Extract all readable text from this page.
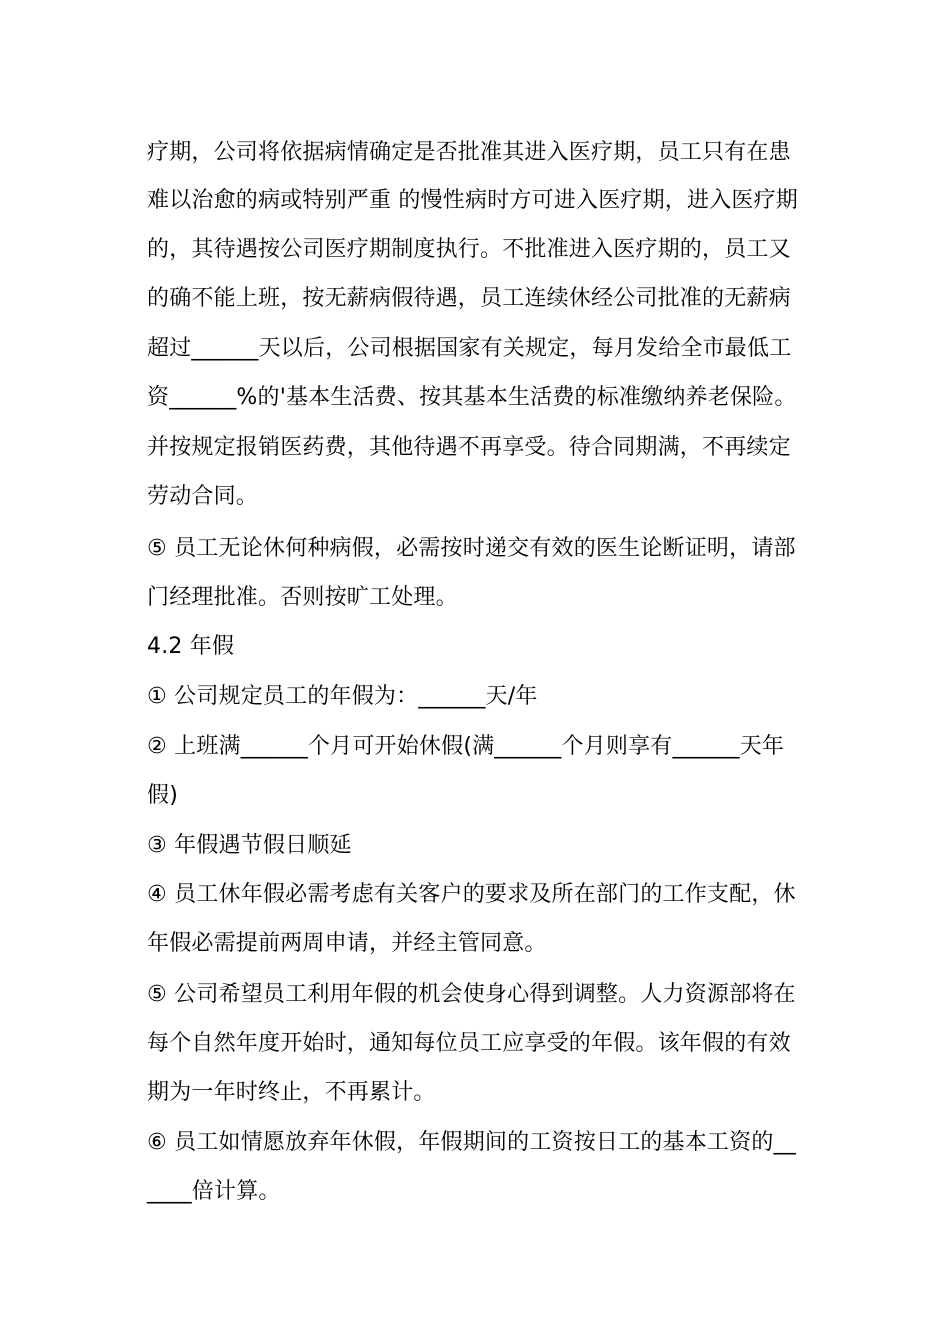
疗期，公司将依据病情确定是否批准其进入医疗期，员工只有在患
难以治愈的病或特别严重 的慢性病时方可进入医疗期，进入医疗期
的，其待遇按公司医疗期制度执行。不批准进入医疗期的，员工又
的确不能上班，按无薪病假待遇，员工连续休经公司批准的无薪病
超过______天以后，公司根据国家有关规定，每月发给全市最低工
资______%的'基本生活费、按其基本生活费的标准缴纳养老保险。
并按规定报销医药费，其他待遇不再享受。待合同期满，不再续定
劳动合同。
⑤ 员工无论休何种病假，必需按时递交有效的医生论断证明，请部
门经理批准。否则按旷工处理。
4.2 年假
① 公司规定员工的年假为：______天/年
② 上班满______个月可开始休假(满______个月则享有______天年
假)
③ 年假遇节假日顺延
④ 员工休年假必需考虑有关客户的要求及所在部门的工作支配，休
年假必需提前两周申请，并经主管同意。
⑤ 公司希望员工利用年假的机会使身心得到调整。人力资源部将在
每个自然年度开始时，通知每位员工应享受的年假。该年假的有效
期为一年时终止，不再累计。
⑥ 员工如情愿放弃年休假，年假期间的工资按日工的基本工资的__
____倍计算。
